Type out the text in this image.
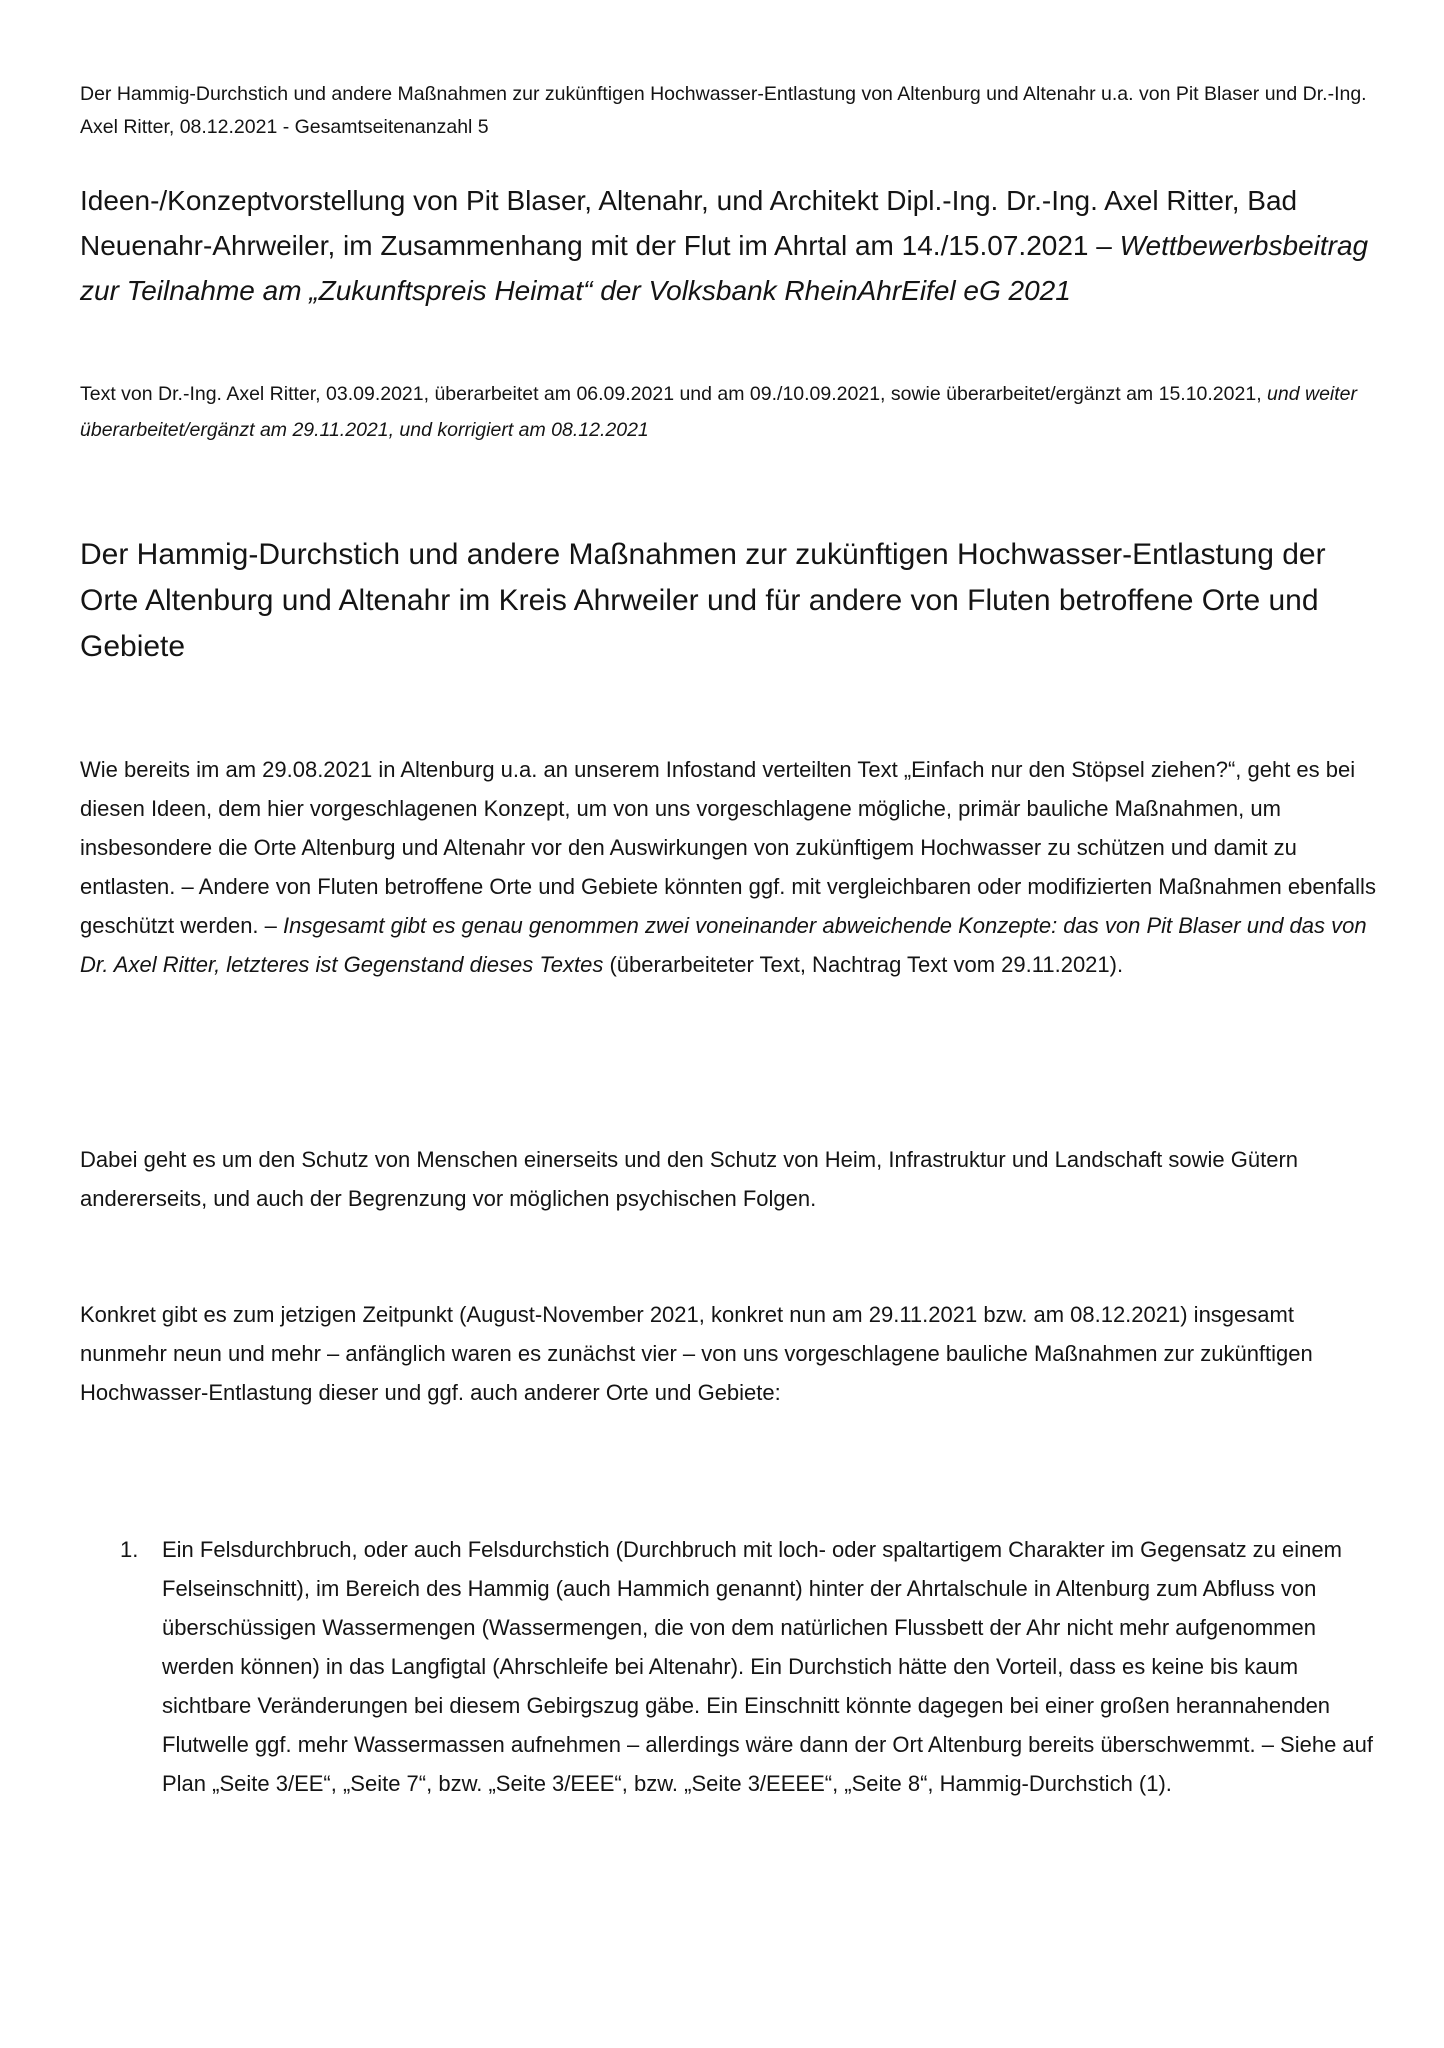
Der Hammig-Durchstich und andere Maßnahmen zur zukünftigen Hochwasser-Entlastung von Altenburg und Altenahr u.a. von Pit Blaser und Dr.-Ing. Axel Ritter, 08.12.2021 - Gesamtseitenanzahl 5
Ideen-/Konzeptvorstellung von Pit Blaser, Altenahr, und Architekt Dipl.-Ing. Dr.-Ing. Axel Ritter, Bad Neuenahr-Ahrweiler, im Zusammenhang mit der Flut im Ahrtal am 14./15.07.2021 – Wettbewerbsbeitrag zur Teilnahme am „Zukunftspreis Heimat“ der Volksbank RheinAhrEifel eG 2021
Text von Dr.-Ing. Axel Ritter, 03.09.2021, überarbeitet am 06.09.2021 und am 09./10.09.2021, sowie überarbeitet/ergänzt am 15.10.2021, und weiter überarbeitet/ergänzt am 29.11.2021, und korrigiert am 08.12.2021
Der Hammig-Durchstich und andere Maßnahmen zur zukünftigen Hochwasser-Entlastung der Orte Altenburg und Altenahr im Kreis Ahrweiler und für andere von Fluten betroffene Orte und Gebiete

Wie bereits im am 29.08.2021 in Altenburg u.a. an unserem Infostand verteilten Text „Einfach nur den Stöpsel ziehen?“, geht es bei diesen Ideen, dem hier vorgeschlagenen Konzept, um von uns vorgeschlagene mögliche, primär bauliche Maßnahmen, um insbesondere die Orte Altenburg und Altenahr vor den Auswirkungen von zukünftigem Hochwasser zu schützen und damit zu entlasten. – Andere von Fluten betroffene Orte und Gebiete könnten ggf. mit vergleichbaren oder modifizierten Maßnahmen ebenfalls geschützt werden. – Insgesamt gibt es genau genommen zwei voneinander abweichende Konzepte: das von Pit Blaser und das von Dr. Axel Ritter, letzteres ist Gegenstand dieses Textes (überarbeiteter Text, Nachtrag Text vom 29.11.2021).

Dabei geht es um den Schutz von Menschen einerseits und den Schutz von Heim, Infrastruktur und Landschaft sowie Gütern andererseits, und auch der Begrenzung vor möglichen psychischen Folgen.

Konkret gibt es zum jetzigen Zeitpunkt (August-November 2021, konkret nun am 29.11.2021 bzw. am 08.12.2021) insgesamt nunmehr neun und mehr – anfänglich waren es zunächst vier – von uns vorgeschlagene bauliche Maßnahmen zur zukünftigen Hochwasser-Entlastung dieser und ggf. auch anderer Orte und Gebiete:

1. Ein Felsdurchbruch, oder auch Felsdurchstich (Durchbruch mit loch- oder spaltartigem Charakter im Gegensatz zu einem Felseinschnitt), im Bereich des Hammig (auch Hammich genannt) hinter der Ahrtalschule in Altenburg zum Abfluss von überschüssigen Wassermengen (Wassermengen, die von dem natürlichen Flussbett der Ahr nicht mehr aufgenommen werden können) in das Langfigtal (Ahrschleife bei Altenahr). Ein Durchstich hätte den Vorteil, dass es keine bis kaum sichtbare Veränderungen bei diesem Gebirgszug gäbe. Ein Einschnitt könnte dagegen bei einer großen herannahenden Flutwelle ggf. mehr Wassermassen aufnehmen – allerdings wäre dann der Ort Altenburg bereits überschwemmt. – Siehe auf Plan „Seite 3/EE“, „Seite 7“, bzw. „Seite 3/EEE“, bzw. „Seite 3/EEEE“, „Seite 8“, Hammig-Durchstich (1).
